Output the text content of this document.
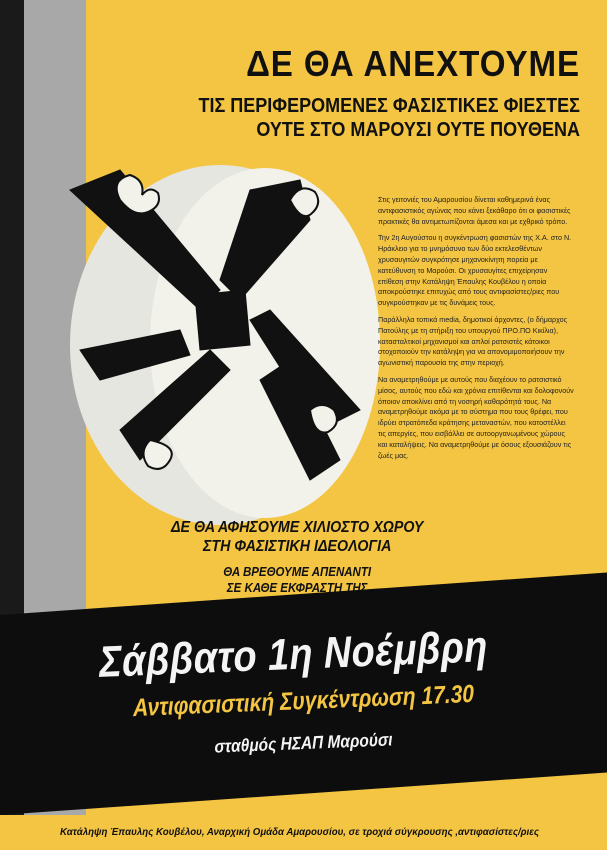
ΔΕ ΘΑ ΑΝΕΧΤΟΥΜΕ
ΤΙΣ ΠΕΡΙΦΕΡΟΜΕΝΕΣ ΦΑΣΙΣΤΙΚΕΣ ΦΙΕΣΤΕΣ
ΟΥΤΕ ΣΤΟ ΜΑΡΟΥΣΙ ΟΥΤΕ ΠΟΥΘΕΝΑ

Στις γειτονιές του Αμαρουσίου δίνεται καθημερινά ένας αντιφασιστικός αγώνας που κάνει ξεκάθαρο ότι οι φασιστικές πρακτικές θα αντιμετωπίζονται άμεσα και με εχθρικό τρόπο.

Την 2η Αυγούστου η συγκέντρωση φασιστών της Χ.Α. στο Ν. Ηράκλειο για το μνημόσυνο των δύο εκτελεσθέντων χρυσαυγιτών συγκρότησε μηχανοκίνητη πορεία με κατεύθυνση το Μαρούσι. Οι χρυσαυγίτες επιχείρησαν επίθεση στην Κατάληψη Έπαυλης Κουβέλου η οποία αποκρούστηκε επιτυχώς από τους αντιφασίστες/ριες που συγκρούστηκαν με τις δυνάμεις τους.

Παράλληλα τοπικά media, δημοτικοί άρχοντες, (ο δήμαρχος Πατούλης με τη στήριξη του υπουργού ΠΡΟ.ΠΟ Κικίλια), κατασταλτικοί μηχανισμοί και απλοί ρατσιστές κάτοικοι στοχοποιούν την κατάληψη για να απονομιμοποιήσουν την αγωνιστική παρουσία της στην περιοχή.

Να αναμετρηθούμε με αυτούς που διαχέουν το ρατσιστικό μίσος, αυτούς που εδώ και χρόνια επιτίθενται και δολοφονούν όποιον αποκλίνει από τη νοσηρή καθαρότητά τους. Να αναμετρηθούμε ακόμα με το σύστημα που τους θρέφει, που ιδρύει στρατόπεδα κράτησης μεταναστών, που κατοστέλλει τις απεργίες, που εισβάλλει σε αυτοοργανωμένους χώρους και καταλήψεις. Να αναμετρηθούμε με όσους εξουσιάζουν τις ζωές μας.

ΔΕ ΘΑ ΑΦΗΣΟΥΜΕ ΧΙΛΙΟΣΤΟ ΧΩΡΟΥ
ΣΤΗ ΦΑΣΙΣΤΙΚΗ ΙΔΕΟΛΟΓΙΑ
ΘΑ ΒΡΕΘΟΥΜΕ ΑΠΕΝΑΝΤΙ
ΣΕ ΚΑΘΕ ΕΚΦΡΑΣΤΗ ΤΗΣ
Σάββατο 1η Νοέμβρη
Αντιφασιστική Συγκέντρωση 17.30
σταθμός ΗΣΑΠ Μαρούσι
Κατάληψη Έπαυλης Κουβέλου, Αναρχική Ομάδα Αμαρουσίου, σε τροχιά σύγκρουσης ,αντιφασίστες/ριες
